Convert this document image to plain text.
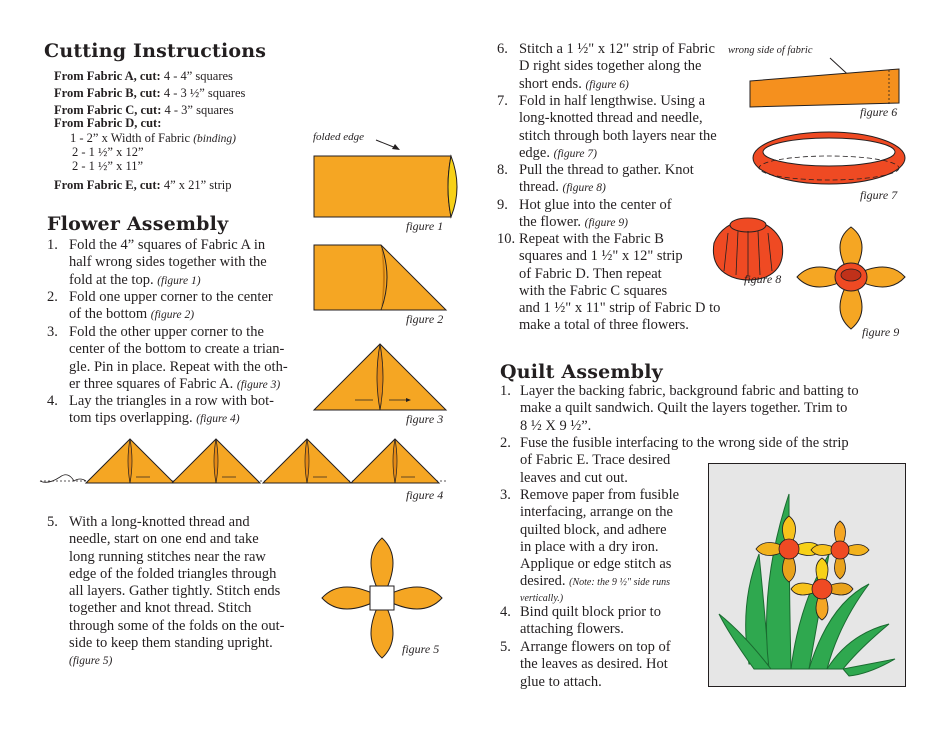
Cutting Instructions
From Fabric A, cut: 4 - 4” squares
From Fabric B, cut: 4 - 3 ½” squares
From Fabric C, cut: 4 - 3” squares
From Fabric D, cut:
1 - 2” x Width of Fabric (binding)
2 - 1 ½” x 12”
2 - 1 ½” x 11”
From Fabric E, cut: 4” x 21” strip
Flower Assembly
1. Fold the 4” squares of Fabric A in
half wrong sides together with the
fold at the top. (figure 1)
2. Fold one upper corner to the center
of the bottom (figure 2)
3. Fold the other upper corner to the
center of the bottom to create a trian-
gle. Pin in place. Repeat with the oth-
er three squares of Fabric A. (figure 3)
4. Lay the triangles in a row with bot-
tom tips overlapping. (figure 4)
5. With a long-knotted thread and
needle, start on one end and take
long running stitches near the raw
edge of the folded triangles through
all layers. Gather tightly. Stitch ends
together and knot thread. Stitch
through some of the folds on the out-
side to keep them standing upright.
(figure 5)
6. Stitch a 1 ½" x 12" strip of Fabric
D right sides together along the
short ends. (figure 6)
7. Fold in half lengthwise. Using a
long-knotted thread and needle,
stitch through both layers near the
edge. (figure 7)
8. Pull the thread to gather. Knot
thread. (figure 8)
9. Hot glue into the center of
the flower. (figure 9)
10. Repeat with the Fabric B
squares and 1 ½" x 12" strip
of Fabric D. Then repeat
with the Fabric C squares
and 1 ½" x 11" strip of Fabric D to
make a total of three flowers.
Quilt Assembly
1. Layer the backing fabric, background fabric and batting to
make a quilt sandwich. Quilt the layers together. Trim to
8 ½ X 9 ½”.
2. Fuse the fusible interfacing to the wrong side of the strip
of Fabric E. Trace desired
leaves and cut out.
3. Remove paper from fusible
interfacing, arrange on the
quilted block, and adhere
in place with a dry iron.
Applique or edge stitch as
desired. (Note: the 9 ½" side runs
vertically.)
4. Bind quilt block prior to
attaching flowers.
5. Arrange flowers on top of
the leaves as desired. Hot
glue to attach.
folded edge
figure 1
figure 2
figure 3
figure 4
figure 5
wrong side of fabric
figure 6
figure 7
figure 8
figure 9
